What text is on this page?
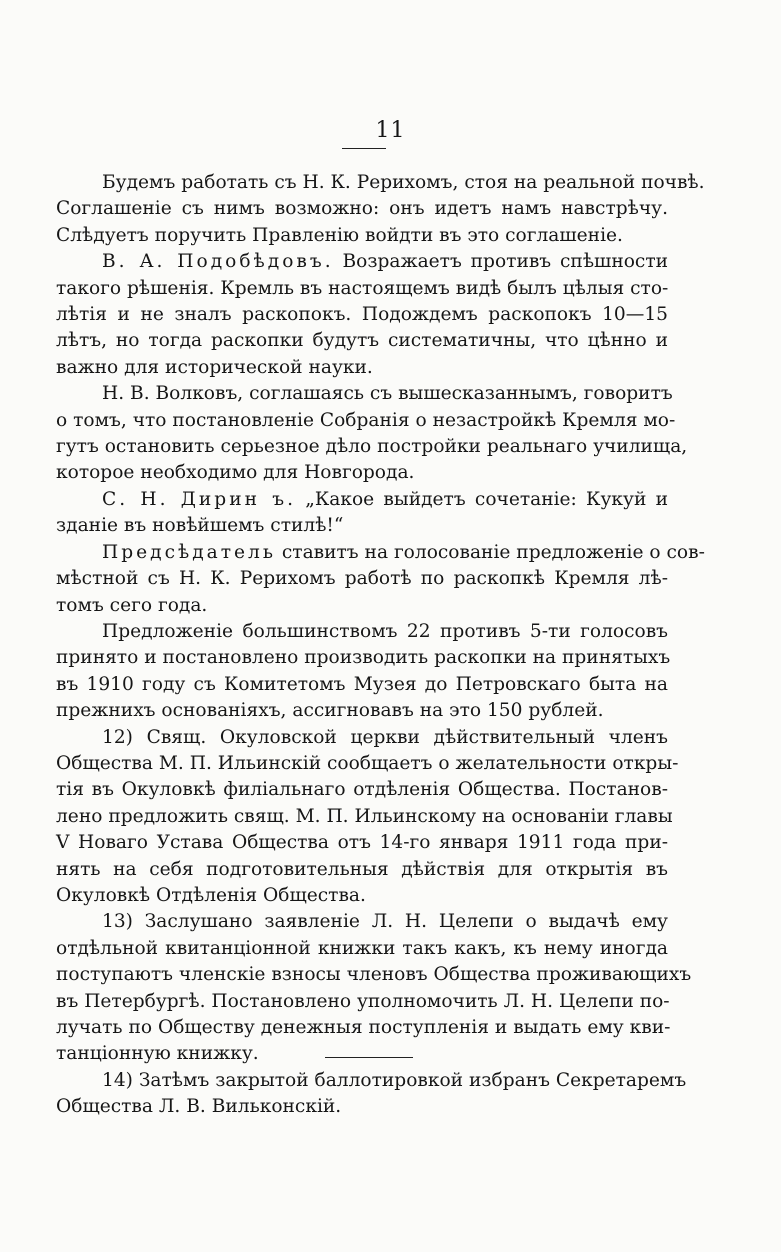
11
Будемъ работать съ Н. К. Рерихомъ, стоя на реальной почвѣ.
Соглашеніе съ нимъ возможно: онъ идетъ намъ навстрѣчу.
Слѣдуетъ поручить Правленію войдти въ это соглашеніе.
В. А. Подобѣдовъ. Возражаетъ противъ спѣшности
такого рѣшенія. Кремль въ настоящемъ видѣ былъ цѣлыя сто-
лѣтія и не зналъ раскопокъ. Подождемъ раскопокъ 10—15
лѣтъ, но тогда раскопки будутъ систематичны, что цѣнно и
важно для исторической науки.
Н. В. Волковъ, соглашаясь съ вышесказаннымъ, говоритъ
о томъ, что постановленіе Собранія о незастройкѣ Кремля мо-
гутъ остановить серьезное дѣло постройки реальнаго училища,
которое необходимо для Новгорода.
С. Н. Дирин ъ. „Какое выйдетъ сочетаніе: Кукуй и
зданіе въ новѣйшемъ стилѣ!“
Предсѣдатель ставитъ на голосованіе предложеніе о сов-
мѣстной съ Н. К. Рерихомъ работѣ по раскопкѣ Кремля лѣ-
томъ сего года.
Предложеніе большинствомъ 22 противъ 5-ти голосовъ
принято и постановлено производить раскопки на принятыхъ
въ 1910 году съ Комитетомъ Музея до Петровскаго быта на
прежнихъ основаніяхъ, ассигновавъ на это 150 рублей.
12) Свящ. Окуловской церкви дѣйствительный членъ
Общества М. П. Ильинскій сообщаетъ о желательности откры-
тія въ Окуловкѣ филіальнаго отдѣленія Общества. Постанов-
лено предложить свящ. М. П. Ильинскому на основаніи главы
V Новаго Устава Общества отъ 14-го января 1911 года при-
нять на себя подготовительныя дѣйствія для открытія въ
Окуловкѣ Отдѣленія Общества.
13) Заслушано заявленіе Л. Н. Целепи о выдачѣ ему
отдѣльной квитанціонной книжки такъ какъ, къ нему иногда
поступаютъ членскіе взносы членовъ Общества проживающихъ
въ Петербургѣ. Постановлено уполномочить Л. Н. Целепи по-
лучать по Обществу денежныя поступленія и выдать ему кви-
танціонную книжку.
14) Затѣмъ закрытой баллотировкой избранъ Секретаремъ
Общества Л. В. Вильконскій.
